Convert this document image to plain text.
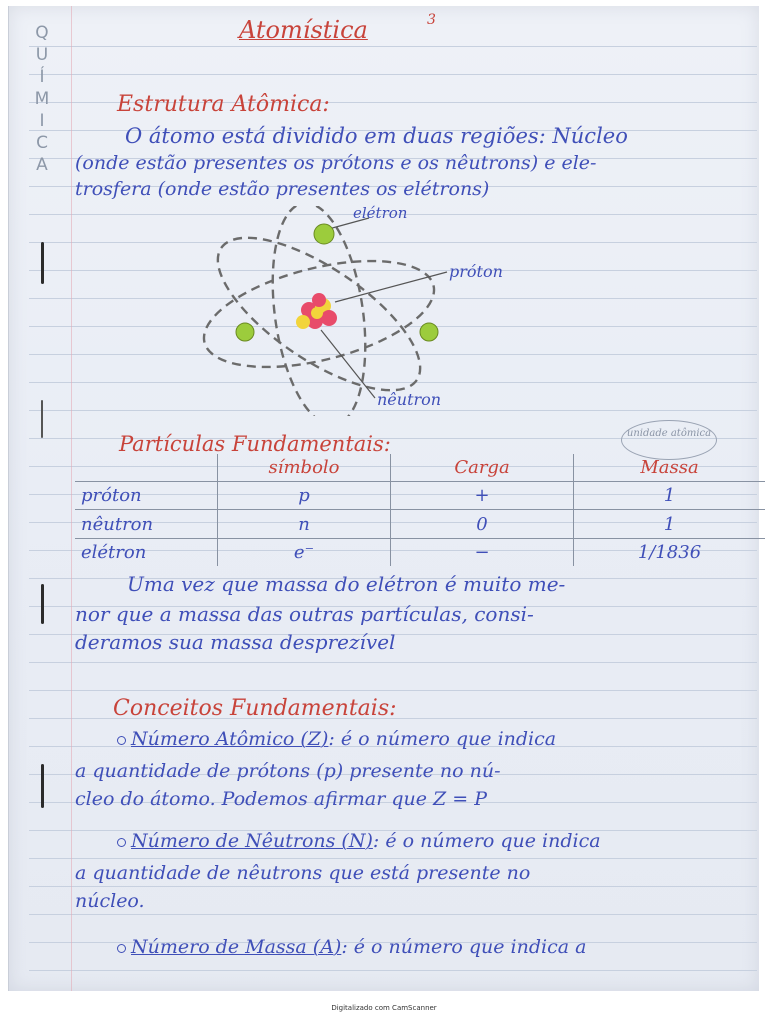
Q
U
Í
M
I
C
A
Atomística	3
Estrutura Atômica:
O átomo está dividido em duas regiões: Núcleo
(onde estão presentes os prótons e os nêutrons) e ele-
trosfera (onde estão presentes os elétrons)
elétron
próton
nêutron
Partículas Fundamentais:	unidade atômica
	símbolo	Carga	Massa
próton	p	+	1
nêutron	n	0	1
elétron	e⁻	−	1/1836
Uma vez que massa do elétron é muito me-
nor que a massa das outras partículas, consi-
deramos sua massa desprezível
Conceitos Fundamentais:
Número Atômico (Z): é o número que indica
a quantidade de prótons (p) presente no nú-
cleo do átomo. Podemos afirmar que Z = P
Número de Nêutrons (N): é o número que indica
a quantidade de nêutrons que está presente no
núcleo.
Número de Massa (A): é o número que indica a
Digitalizado com CamScanner
